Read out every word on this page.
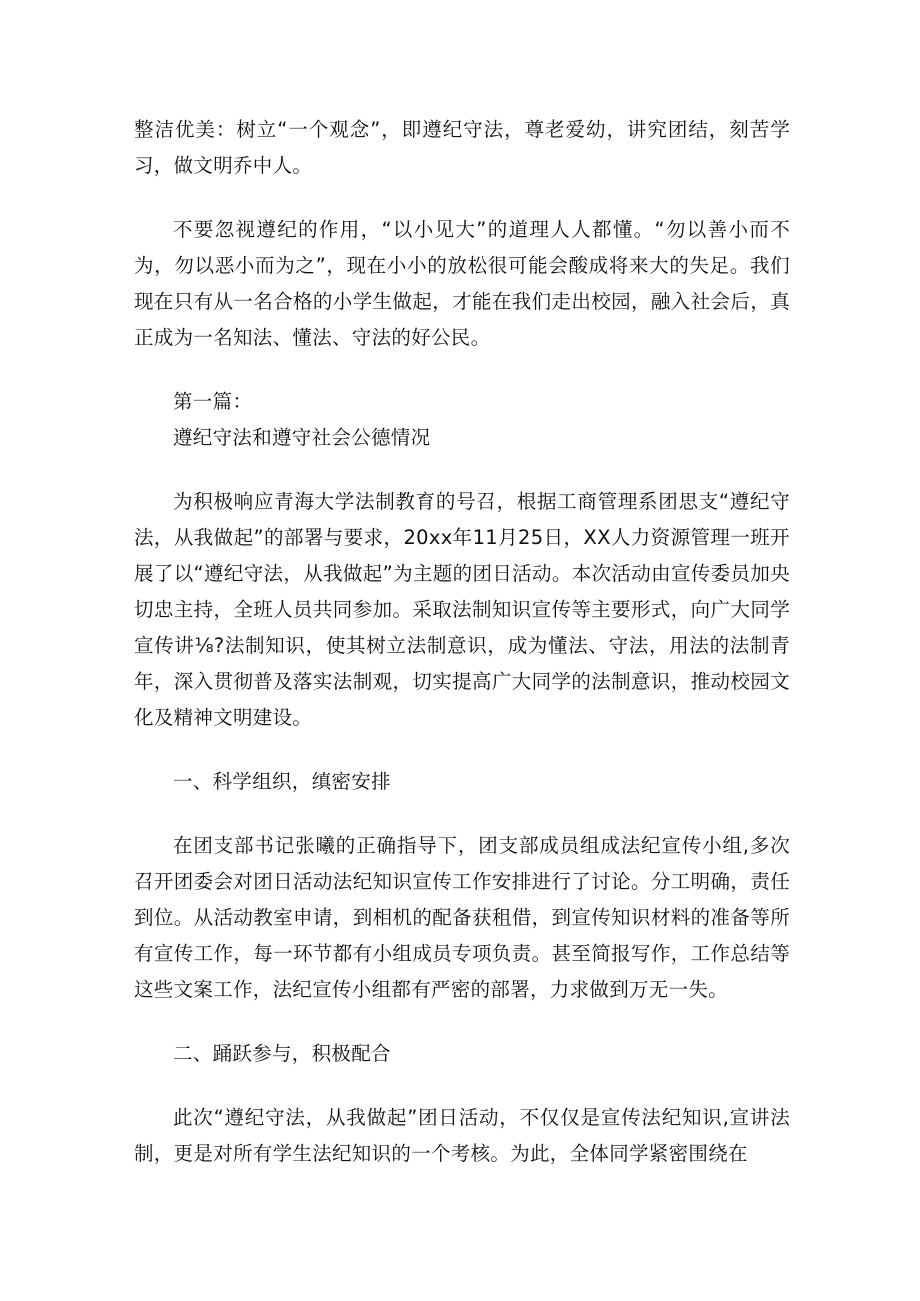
整洁优美：树立“一个观念”，即遵纪守法，尊老爱幼，讲究团结，刻苦学习，做文明乔中人。

不要忽视遵纪的作用，“以小见大”的道理人人都懂。“勿以善小而不为，勿以恶小而为之”，现在小小的放松很可能会酸成将来大的失足。我们现在只有从一名合格的小学生做起，才能在我们走出校园，融入社会后，真正成为一名知法、懂法、守法的好公民。

第一篇：

遵纪守法和遵守社会公德情况

为积极响应青海大学法制教育的号召，根据工商管理系团思支“遵纪守法，从我做起”的部署与要求，20xx年11月25日，XX人力资源管理一班开展了以“遵纪守法，从我做起”为主题的团日活动。本次活动由宣传委员加央切忠主持，全班人员共同参加。采取法制知识宣传等主要形式，向广大同学宣传讲⅛?法制知识，使其树立法制意识，成为懂法、守法，用法的法制青年，深入贯彻普及落实法制观，切实提高广大同学的法制意识，推动校园文化及精神文明建设。

一、科学组织，缜密安排

在团支部书记张曦的正确指导下，团支部成员组成法纪宣传小组,多次召开团委会对团日活动法纪知识宣传工作安排进行了讨论。分工明确，责任到位。从活动教室申请，到相机的配备获租借，到宣传知识材料的准备等所有宣传工作，每一环节都有小组成员专项负责。甚至简报写作，工作总结等这些文案工作，法纪宣传小组都有严密的部署，力求做到万无一失。

二、踊跃参与，积极配合

此次“遵纪守法，从我做起”团日活动，不仅仅是宣传法纪知识,宣讲法制，更是对所有学生法纪知识的一个考核。为此，全体同学紧密围绕在
